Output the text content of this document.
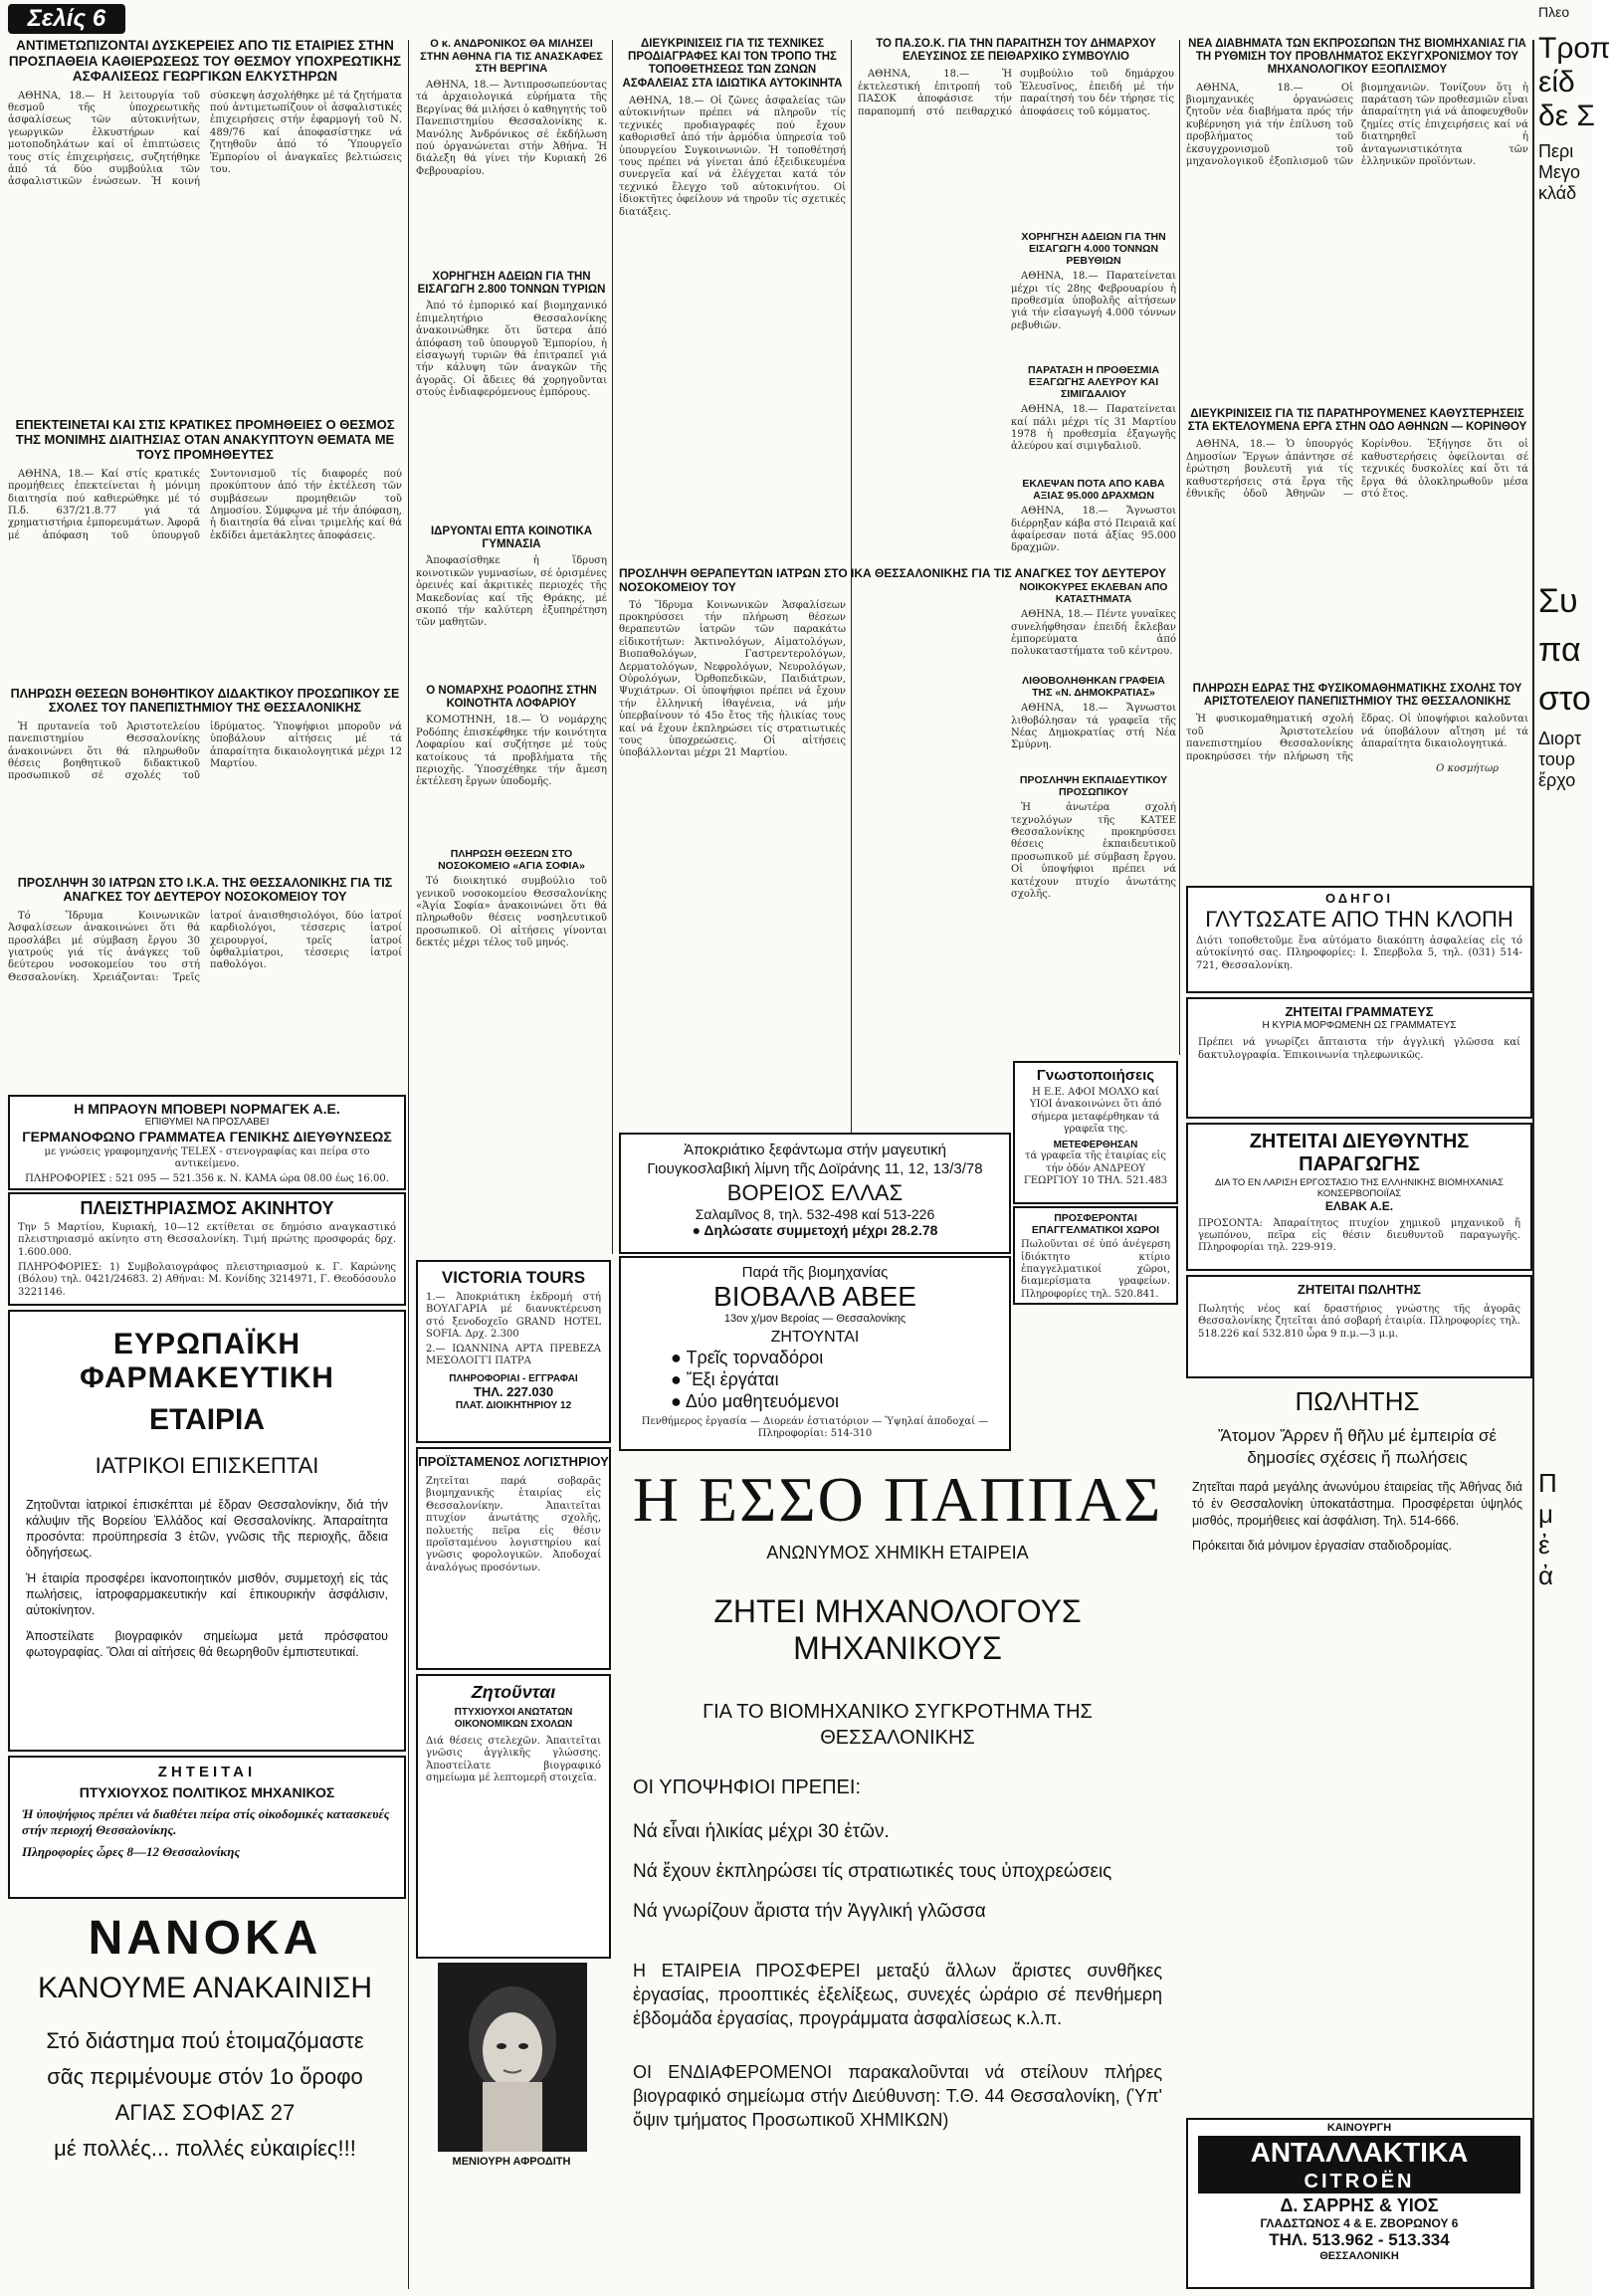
Σελίς 6
ΑΝΤΙΜΕΤΩΠΙΖΟΝΤΑΙ ΔΥΣΚΕΡΕΙΕΣ ΑΠΟ ΤΙΣ ΕΤΑΙΡΙΕΣ ΣΤΗΝ ΠΡΟΣΠΑΘΕΙΑ ΚΑΘΙΕΡΩΣΕΩΣ ΤΟΥ ΘΕΣΜΟΥ ΥΠΟΧΡΕΩΤΙΚΗΣ ΑΣΦΑΛΙΣΕΩΣ ΓΕΩΡΓΙΚΩΝ ΕΛΚΥΣΤΗΡΩΝ

ΑΘΗΝΑ, 18.— Η λειτουργία τοῦ θεσμοῦ τῆς ὑποχρεωτικῆς ἀσφαλίσεως τῶν αὐτοκινήτων, γεωργικῶν ἐλκυστήρων καί μοτοποδηλάτων καί οἱ ἐπιπτώσεις τους στίς ἐπιχειρήσεις, συζητήθηκε ἀπό τά δύο συμβούλια τῶν ἀσφαλιστικῶν ἑνώσεων. Ἡ κοινή σύσκεψη ἀσχολήθηκε μέ τά ζητήματα πού ἀντιμετωπίζουν οἱ ἀσφαλιστικές ἐπιχειρήσεις στήν ἐφαρμογή τοῦ Ν. 489/76 καί ἀποφασίστηκε νά ζητηθοῦν ἀπό τό Ὑπουργεῖο Ἐμπορίου οἱ ἀναγκαῖες βελτιώσεις του.

ΕΠΕΚΤΕΙΝΕΤΑΙ ΚΑΙ ΣΤΙΣ ΚΡΑΤΙΚΕΣ ΠΡΟΜΗΘΕΙΕΣ Ο ΘΕΣΜΟΣ ΤΗΣ ΜΟΝΙΜΗΣ ΔΙΑΙΤΗΣΙΑΣ ΟΤΑΝ ΑΝΑΚΥΠΤΟΥΝ ΘΕΜΑΤΑ ΜΕ ΤΟΥΣ ΠΡΟΜΗΘΕΥΤΕΣ

ΑΘΗΝΑ, 18.— Καί στίς κρατικές προμήθειες ἐπεκτείνεται ἡ μόνιμη διαιτησία πού καθιερώθηκε μέ τό Π.δ. 637/21.8.77 γιά τά χρηματιστήρια ἐμπορευμάτων. Ἀφορᾶ μέ ἀπόφαση τοῦ ὑπουργοῦ Συντονισμοῦ τίς διαφορές πού προκύπτουν ἀπό τήν ἐκτέλεση τῶν συμβάσεων προμηθειῶν τοῦ Δημοσίου. Σύμφωνα μέ τήν ἀπόφαση, ἡ διαιτησία θά εἶναι τριμελής καί θά ἐκδίδει ἀμετάκλητες ἀποφάσεις.

ΠΛΗΡΩΣΗ ΘΕΣΕΩΝ ΒΟΗΘΗΤΙΚΟΥ ΔΙΔΑΚΤΙΚΟΥ ΠΡΟΣΩΠΙΚΟΥ ΣΕ ΣΧΟΛΕΣ ΤΟΥ ΠΑΝΕΠΙΣΤΗΜΙΟΥ ΤΗΣ ΘΕΣΣΑΛΟΝΙΚΗΣ

Ἡ πρυτανεία τοῦ Ἀριστοτελείου πανεπιστημίου Θεσσαλονίκης ἀνακοινώνει ὅτι θά πληρωθοῦν θέσεις βοηθητικοῦ διδακτικοῦ προσωπικοῦ σέ σχολές τοῦ ἱδρύματος. Ὑποψήφιοι μποροῦν νά ὑποβάλουν αἰτήσεις μέ τά ἀπαραίτητα δικαιολογητικά μέχρι 12 Μαρτίου.

ΠΡΟΣΛΗΨΗ 30 ΙΑΤΡΩΝ ΣΤΟ Ι.Κ.Α. ΤΗΣ ΘΕΣΣΑΛΟΝΙΚΗΣ ΓΙΑ ΤΙΣ ΑΝΑΓΚΕΣ ΤΟΥ ΔΕΥΤΕΡΟΥ ΝΟΣΟΚΟΜΕΙΟΥ ΤΟΥ

Τό Ἵδρυμα Κοινωνικῶν Ἀσφαλίσεων ἀνακοινώνει ὅτι θά προσλάβει μέ σύμβαση ἔργου 30 γιατρούς γιά τίς ἀνάγκες τοῦ δεύτερου νοσοκομείου του στή Θεσσαλονίκη. Χρειάζονται: Τρεῖς ἰατροί ἀναισθησιολόγοι, δύο ἰατροί καρδιολόγοι, τέσσερις ἰατροί χειρουργοί, τρεῖς ἰατροί ὀφθαλμίατροι, τέσσερις ἰατροί παθολόγοι.

Η ΜΠΡΑΟΥΝ ΜΠΟΒΕΡΙ ΝΟΡΜΑΓΕΚ Α.Ε.
ΕΠΙΘΥΜΕΙ ΝΑ ΠΡΟΣΛΑΒΕΙ
ΓΕΡΜΑΝΟΦΩΝΟ ΓΡΑΜΜΑΤΕΑ ΓΕΝΙΚΗΣ ΔΙΕΥΘΥΝΣΕΩΣ
με γνώσεις γραφομηχανής TELEX - στενογραφίας και πείρα στο αντικείμενο.
ΠΛΗΡΟΦΟΡΙΕΣ : 521 095 — 521.356 κ. Ν. ΚΑΜΑ ώρα 08.00 έως 16.00.
ΠΛΕΙΣΤΗΡΙΑΣΜΟΣ ΑΚΙΝΗΤΟΥ
Την 5 Μαρτίου, Κυριακή, 10—12 εκτίθεται σε δημόσιο αναγκαστικό πλειστηριασμό ακίνητο στη Θεσσαλονίκη. Τιμή πρώτης προσφοράς δρχ. 1.600.000.
ΠΛΗΡΟΦΟΡΙΕΣ: 1) Συμβολαιογράφος πλειστηριασμού κ. Γ. Καρώνης (Βόλου) τηλ. 0421/24683. 2) Αθήναι: Μ. Κονίδης 3214971, Γ. Θεοδόσουλο 3221146.
ΕΥΡΩΠΑΪΚΗ ΦΑΡΜΑΚΕΥΤΙΚΗ
ΕΤΑΙΡΙΑ
ΙΑΤΡΙΚΟΙ ΕΠΙΣΚΕΠΤΑΙ

Ζητοῦνται ἰατρικοί ἐπισκέπται μέ ἕδραν Θεσσαλονίκην, διά τήν κάλυψιν τῆς Βορείου Ἑλλάδος καί Θεσσαλονίκης. Ἀπαραίτητα προσόντα: προϋπηρεσία 3 ἐτῶν, γνῶσις τῆς περιοχῆς, ἄδεια ὁδηγήσεως.

Ἡ ἑταιρία προσφέρει ἱκανοποιητικόν μισθόν, συμμετοχή εἰς τάς πωλήσεις, ἰατροφαρμακευτικήν καί ἐπικουρικήν ἀσφάλισιν, αὐτοκίνητον.

Ἀποστείλατε βιογραφικόν σημείωμα μετά πρόσφατου φωτογραφίας. Ὅλαι αἱ αἰτήσεις θά θεωρηθοῦν ἐμπιστευτικαί.

ΖΗΤΕΙΤΑΙ
ΠΤΥΧΙΟΥΧΟΣ ΠΟΛΙΤΙΚΟΣ ΜΗΧΑΝΙΚΟΣ
Ἡ ὑποψήφιος πρέπει νά διαθέτει πείρα στίς οἰκοδομικές κατασκευές στήν περιοχή Θεσσαλονίκης.
Πληροφορίες ὧρες 8—12 Θεσσαλονίκης
ΝΑΝΟΚΑ
ΚΑΝΟΥΜΕ ΑΝΑΚΑΙΝΙΣΗ
Στό διάστημα πού ἑτοιμαζόμαστε
σᾶς περιμένουμε στόν 1ο ὄροφο
ΑΓΙΑΣ ΣΟΦΙΑΣ 27
μέ πολλές... πολλές εὐκαιρίες!!!
Ο κ. ΑΝΔΡΟΝΙΚΟΣ ΘΑ ΜΙΛΗΣΕΙ ΣΤΗΝ ΑΘΗΝΑ ΓΙΑ ΤΙΣ ΑΝΑΣΚΑΦΕΣ ΣΤΗ ΒΕΡΓΙΝΑ

ΑΘΗΝΑ, 18.— Ἀντιπροσωπεύοντας τά ἀρχαιολογικά εὑρήματα τῆς Βεργίνας θά μιλήσει ὁ καθηγητής τοῦ Πανεπιστημίου Θεσσαλονίκης κ. Μανόλης Ἀνδρόνικος σέ ἐκδήλωση πού ὀργανώνεται στήν Ἀθήνα. Ἡ διάλεξη θά γίνει τήν Κυριακή 26 Φεβρουαρίου.

ΧΟΡΗΓΗΣΗ ΑΔΕΙΩΝ ΓΙΑ ΤΗΝ ΕΙΣΑΓΩΓΗ 2.800 ΤΟΝΝΩΝ ΤΥΡΙΩΝ

Ἀπό τό ἐμπορικό καί βιομηχανικό ἐπιμελητήριο Θεσσαλονίκης ἀνακοινώθηκε ὅτι ὕστερα ἀπό ἀπόφαση τοῦ ὑπουργοῦ Ἐμπορίου, ἡ εἰσαγωγή τυριῶν θά ἐπιτραπεῖ γιά τήν κάλυψη τῶν ἀναγκῶν τῆς ἀγορᾶς. Οἱ ἄδειες θά χορηγοῦνται στούς ἐνδιαφερόμενους ἐμπόρους.

ΙΔΡΥΟΝΤΑΙ ΕΠΤΑ ΚΟΙΝΟΤΙΚΑ ΓΥΜΝΑΣΙΑ

Ἀποφασίσθηκε ἡ ἵδρυση κοινοτικῶν γυμνασίων, σέ ὁρισμένες ὀρεινές καί ἀκριτικές περιοχές τῆς Μακεδονίας καί τῆς Θράκης, μέ σκοπό τήν καλύτερη ἐξυπηρέτηση τῶν μαθητῶν.

Ο ΝΟΜΑΡΧΗΣ ΡΟΔΟΠΗΣ ΣΤΗΝ ΚΟΙΝΟΤΗΤΑ ΛΟΦΑΡΙΟΥ

ΚΟΜΟΤΗΝΗ, 18.— Ὁ νομάρχης Ροδόπης ἐπισκέφθηκε τήν κοινότητα Λοφαρίου καί συζήτησε μέ τούς κατοίκους τά προβλήματα τῆς περιοχῆς. Ὑποσχέθηκε τήν ἄμεση ἐκτέλεση ἔργων ὑποδομῆς.

ΠΛΗΡΩΣΗ ΘΕΣΕΩΝ ΣΤΟ ΝΟΣΟΚΟΜΕΙΟ «ΑΓΙΑ ΣΟΦΙΑ»

Τό διοικητικό συμβούλιο τοῦ γενικοῦ νοσοκομείου Θεσσαλονίκης «Ἁγία Σοφία» ἀνακοινώνει ὅτι θά πληρωθοῦν θέσεις νοσηλευτικοῦ προσωπικοῦ. Οἱ αἰτήσεις γίνονται δεκτές μέχρι τέλος τοῦ μηνός.

VICTORIA TOURS
1.— Ἀποκριάτικη ἐκδρομή στή ΒΟΥΛΓΑΡΙΑ μέ διανυκτέρευση στό ξενοδοχεῖο GRAND HOTEL SOFIA. Δρχ. 2.300
2.— ΙΩΑΝΝΙΝΑ ΑΡΤΑ ΠΡΕΒΕΖΑ ΜΕΣΟΛΟΓΓΙ ΠΑΤΡΑ
ΠΛΗΡΟΦΟΡΙΑΙ - ΕΓΓΡΑΦΑΙ
ΤΗΛ. 227.030
ΠΛΑΤ. ΔΙΟΙΚΗΤΗΡΙΟΥ 12
ΠΡΟΪΣΤΑΜΕΝΟΣ ΛΟΓΙΣΤΗΡΙΟΥ
Ζητεῖται παρά σοβαρᾶς βιομηχανικῆς ἑταιρίας εἰς Θεσσαλονίκην. Ἀπαιτεῖται πτυχίον ἀνωτάτης σχολῆς, πολυετής πεῖρα εἰς θέσιν προϊσταμένου λογιστηρίου καί γνῶσις φορολογικῶν. Ἀποδοχαί ἀναλόγως προσόντων.
Ζητοῦνται
ΠΤΥΧΙΟΥΧΟΙ ΑΝΩΤΑΤΩΝ ΟΙΚΟΝΟΜΙΚΩΝ ΣΧΟΛΩΝ
Διά θέσεις στελεχῶν. Ἀπαιτεῖται γνῶσις ἀγγλικῆς γλώσσης. Ἀποστείλατε βιογραφικό σημείωμα μέ λεπτομερῆ στοιχεῖα.
ΜΕΝΙΟΥΡΗ ΑΦΡΟΔΙΤΗ
ΔΙΕΥΚΡΙΝΙΣΕΙΣ ΓΙΑ ΤΙΣ ΤΕΧΝΙΚΕΣ ΠΡΟΔΙΑΓΡΑΦΕΣ ΚΑΙ ΤΟΝ ΤΡΟΠΟ ΤΗΣ ΤΟΠΟΘΕΤΗΣΕΩΣ ΤΩΝ ΖΩΝΩΝ ΑΣΦΑΛΕΙΑΣ ΣΤΑ ΙΔΙΩΤΙΚΑ ΑΥΤΟΚΙΝΗΤΑ

ΑΘΗΝΑ, 18.— Οἱ ζῶνες ἀσφαλείας τῶν αὐτοκινήτων πρέπει νά πληροῦν τίς τεχνικές προδιαγραφές πού ἔχουν καθορισθεῖ ἀπό τήν ἁρμόδια ὑπηρεσία τοῦ ὑπουργείου Συγκοινωνιῶν. Ἡ τοποθέτησή τους πρέπει νά γίνεται ἀπό ἐξειδικευμένα συνεργεῖα καί νά ἐλέγχεται κατά τόν τεχνικό ἔλεγχο τοῦ αὐτοκινήτου. Οἱ ἰδιοκτῆτες ὀφείλουν νά τηροῦν τίς σχετικές διατάξεις.

ΠΡΟΣΛΗΨΗ ΘΕΡΑΠΕΥΤΩΝ ΙΑΤΡΩΝ ΣΤΟ ΙΚΑ ΘΕΣΣΑΛΟΝΙΚΗΣ ΓΙΑ ΤΙΣ ΑΝΑΓΚΕΣ ΤΟΥ ΔΕΥΤΕΡΟΥ ΝΟΣΟΚΟΜΕΙΟΥ ΤΟΥ

Τό Ἵδρυμα Κοινωνικῶν Ἀσφαλίσεων προκηρύσσει τήν πλήρωση θέσεων θεραπευτῶν ἰατρῶν τῶν παρακάτω εἰδικοτήτων: Ἀκτινολόγων, Αἰματολόγων, Βιοπαθολόγων, Γαστρεντερολόγων, Δερματολόγων, Νεφρολόγων, Νευρολόγων, Οὐρολόγων, Ὀρθοπεδικῶν, Παιδιάτρων, Ψυχιάτρων. Οἱ ὑποψήφιοι πρέπει νά ἔχουν τήν ἑλληνική ἰθαγένεια, νά μήν ὑπερβαίνουν τό 45ο ἔτος τῆς ἡλικίας τους καί νά ἔχουν ἐκπληρώσει τίς στρατιωτικές τους ὑποχρεώσεις. Οἱ αἰτήσεις ὑποβάλλονται μέχρι 21 Μαρτίου.

ΤΟ ΠΑ.ΣΟ.Κ. ΓΙΑ ΤΗΝ ΠΑΡΑΙΤΗΣΗ ΤΟΥ ΔΗΜΑΡΧΟΥ ΕΛΕΥΣΙΝΟΣ ΣΕ ΠΕΙΘΑΡΧΙΚΟ ΣΥΜΒΟΥΛΙΟ

ΑΘΗΝΑ, 18.— Ἡ ἐκτελεστική ἐπιτροπή τοῦ ΠΑΣΟΚ ἀποφάσισε τήν παραπομπή στό πειθαρχικό συμβούλιο τοῦ δημάρχου Ἐλευσῖνος, ἐπειδή μέ τήν παραίτησή του δέν τήρησε τίς ἀποφάσεις τοῦ κόμματος.

ΧΟΡΗΓΗΣΗ ΑΔΕΙΩΝ ΓΙΑ ΤΗΝ ΕΙΣΑΓΩΓΗ 4.000 ΤΟΝΝΩΝ ΡΕΒΥΘΙΩΝ

ΑΘΗΝΑ, 18.— Παρατείνεται μέχρι τίς 28ης Φεβρουαρίου ἡ προθεσμία ὑποβολῆς αἰτήσεων γιά τήν εἰσαγωγή 4.000 τόννων ρεβυθιῶν.

ΠΑΡΑΤΑΣΗ Η ΠΡΟΘΕΣΜΙΑ ΕΞΑΓΩΓΗΣ ΑΛΕΥΡΟΥ ΚΑΙ ΣΙΜΙΓΔΑΛΙΟΥ

ΑΘΗΝΑ, 18.— Παρατείνεται καί πάλι μέχρι τίς 31 Μαρτίου 1978 ἡ προθεσμία ἐξαγωγῆς ἀλεύρου καί σιμιγδαλιοῦ.

ΕΚΛΕΨΑΝ ΠΟΤΑ ΑΠΟ ΚΑΒΑ ΑΞΙΑΣ 95.000 ΔΡΑΧΜΩΝ

ΑΘΗΝΑ, 18.— Ἄγνωστοι διέρρηξαν κάβα στό Πειραιᾶ καί ἀφαίρεσαν ποτά ἀξίας 95.000 δραχμῶν.

ΝΟΙΚΟΚΥΡΕΣ ΕΚΛΕΒΑΝ ΑΠΟ ΚΑΤΑΣΤΗΜΑΤΑ

ΑΘΗΝΑ, 18.— Πέντε γυναῖκες συνελήφθησαν ἐπειδή ἔκλεβαν ἐμπορεύματα ἀπό πολυκαταστήματα τοῦ κέντρου.

ΛΙΘΟΒΟΛΗΘΗΚΑΝ ΓΡΑΦΕΙΑ ΤΗΣ «Ν. ΔΗΜΟΚΡΑΤΙΑΣ»

ΑΘΗΝΑ, 18.— Ἄγνωστοι λιθοβόλησαν τά γραφεῖα τῆς Νέας Δημοκρατίας στή Νέα Σμύρνη.

ΠΡΟΣΛΗΨΗ ΕΚΠΑΙΔΕΥΤΙΚΟΥ ΠΡΟΣΩΠΙΚΟΥ

Ἡ ἀνωτέρα σχολή τεχνολόγων τῆς ΚΑΤΕΕ Θεσσαλονίκης προκηρύσσει θέσεις ἐκπαιδευτικοῦ προσωπικοῦ μέ σύμβαση ἔργου. Οἱ ὑποψήφιοι πρέπει νά κατέχουν πτυχίο ἀνωτάτης σχολῆς.

Ἀποκριάτικο ξεφάντωμα στήν μαγευτική Γιουγκοσλαβική λίμνη τῆς Δοϊράνης 11, 12, 13/3/78
ΒΟΡΕΙΟΣ ΕΛΛΑΣ
Σαλαμῖνος 8, τηλ. 532-498 καί 513-226
● Δηλώσατε συμμετοχή μέχρι 28.2.78
Γνωστοποιήσεις
Η Ε.Ε. ΑΦΟΙ ΜΟΛΧΟ καί ΥΙΟΙ ἀνακοινώνει ὅτι ἀπό σήμερα μεταφέρθηκαν τά γραφεῖα της.
ΜΕΤΕΦΕΡΘΗΣΑΝ
τά γραφεῖα τῆς ἑταιρίας εἰς τήν ὁδόν ΑΝΔΡΕΟΥ ΓΕΩΡΓΙΟΥ 10 ΤΗΛ. 521.483
ΠΡΟΣΦΕΡΟΝΤΑΙ ΕΠΑΓΓΕΛΜΑΤΙΚΟΙ ΧΩΡΟΙ
Πωλοῦνται σέ ὑπό ἀνέγερση ἰδιόκτητο κτίριο ἐπαγγελματικοί χῶροι, διαμερίσματα γραφείων. Πληροφορίες τηλ. 520.841.
Παρά τῆς βιομηχανίας
ΒΙΟΒΑΛΒ ΑΒΕΕ
13ον χ/μον Βεροίας — Θεσσαλονίκης
ΖΗΤΟΥΝΤΑΙ
● Τρεῖς τορναδόροι
● Ἔξι ἐργάται
● Δύο μαθητευόμενοι
Πενθήμερος ἐργασία — Διορεάν ἐστιατόριον — Ὑψηλαί ἀποδοχαί — Πληροφορίαι: 514-310
Η ΕΣΣΟ ΠΑΠΠΑΣ
ΑΝΩΝΥΜΟΣ ΧΗΜΙΚΗ ΕΤΑΙΡΕΙΑ
ΖΗΤΕΙ ΜΗΧΑΝΟΛΟΓΟΥΣ ΜΗΧΑΝΙΚΟΥΣ
ΓΙΑ ΤΟ ΒΙΟΜΗΧΑΝΙΚΟ ΣΥΓΚΡΟΤΗΜΑ ΤΗΣ ΘΕΣΣΑΛΟΝΙΚΗΣ
ΟΙ ΥΠΟΨΗΦΙΟΙ ΠΡΕΠΕΙ:
Νά εἶναι ἡλικίας μέχρι 30 ἐτῶν.
Νά ἔχουν ἐκπληρώσει τίς στρατιωτικές τους ὑποχρεώσεις
Νά γνωρίζουν ἄριστα τήν Ἀγγλική γλῶσσα
Η ΕΤΑΙΡΕΙΑ ΠΡΟΣΦΕΡΕΙ μεταξύ ἄλλων ἄριστες συνθῆκες ἐργασίας, προοπτικές ἐξελίξεως, συνεχές ὡράριο σέ πενθήμερη ἑβδομάδα ἐργασίας, προγράμματα ἀσφαλίσεως κ.λ.π.
ΟΙ ΕΝΔΙΑΦΕΡΟΜΕΝΟΙ παρακαλοῦνται νά στείλουν πλήρες βιογραφικό σημείωμα στήν Διεύθυνση: Τ.Θ. 44 Θεσσαλονίκη, (Ὑπ' ὄψιν τμήματος Προσωπικοῦ ΧΗΜΙΚΩΝ)
ΝΕΑ ΔΙΑΒΗΜΑΤΑ ΤΩΝ ΕΚΠΡΟΣΩΠΩΝ ΤΗΣ ΒΙΟΜΗΧΑΝΙΑΣ ΓΙΑ ΤΗ ΡΥΘΜΙΣΗ ΤΟΥ ΠΡΟΒΛΗΜΑΤΟΣ ΕΚΣΥΓΧΡΟΝΙΣΜΟΥ ΤΟΥ ΜΗΧΑΝΟΛΟΓΙΚΟΥ ΕΞΟΠΛΙΣΜΟΥ

ΑΘΗΝΑ, 18.— Οἱ βιομηχανικές ὀργανώσεις ζητοῦν νέα διαβήματα πρός τήν κυβέρνηση γιά τήν ἐπίλυση τοῦ προβλήματος τοῦ ἐκσυγχρονισμοῦ τοῦ μηχανολογικοῦ ἐξοπλισμοῦ τῶν βιομηχανιῶν. Τονίζουν ὅτι ἡ παράταση τῶν προθεσμιῶν εἶναι ἀπαραίτητη γιά νά ἀποφευχθοῦν ζημίες στίς ἐπιχειρήσεις καί νά διατηρηθεῖ ἡ ἀνταγωνιστικότητα τῶν ἑλληνικῶν προϊόντων.

ΔΙΕΥΚΡΙΝΙΣΕΙΣ ΓΙΑ ΤΙΣ ΠΑΡΑΤΗΡΟΥΜΕΝΕΣ ΚΑΘΥΣΤΕΡΗΣΕΙΣ ΣΤΑ ΕΚΤΕΛΟΥΜΕΝΑ ΕΡΓΑ ΣΤΗΝ ΟΔΟ ΑΘΗΝΩΝ — ΚΟΡΙΝΘΟΥ

ΑΘΗΝΑ, 18.— Ὁ ὑπουργός Δημοσίων Ἔργων ἀπάντησε σέ ἐρώτηση βουλευτῆ γιά τίς καθυστερήσεις στά ἔργα τῆς ἐθνικῆς ὁδοῦ Ἀθηνῶν — Κορίνθου. Ἐξήγησε ὅτι οἱ καθυστερήσεις ὀφείλονται σέ τεχνικές δυσκολίες καί ὅτι τά ἔργα θά ὁλοκληρωθοῦν μέσα στό ἔτος.

ΠΛΗΡΩΣΗ ΕΔΡΑΣ ΤΗΣ ΦΥΣΙΚΟΜΑΘΗΜΑΤΙΚΗΣ ΣΧΟΛΗΣ ΤΟΥ ΑΡΙΣΤΟΤΕΛΕΙΟΥ ΠΑΝΕΠΙΣΤΗΜΙΟΥ ΤΗΣ ΘΕΣΣΑΛΟΝΙΚΗΣ

Ἡ φυσικομαθηματική σχολή τοῦ Ἀριστοτελείου πανεπιστημίου Θεσσαλονίκης προκηρύσσει τήν πλήρωση τῆς ἕδρας. Οἱ ὑποψήφιοι καλοῦνται νά ὑποβάλουν αἴτηση μέ τά ἀπαραίτητα δικαιολογητικά.

Ο κοσμήτωρ
ΟΔΗΓΟΙ
ΓΛΥΤΩΣΑΤΕ ΑΠΟ ΤΗΝ ΚΛΟΠΗ
Διότι τοποθετοῦμε ἕνα αὐτόματο διακόπτη ἀσφαλείας εἰς τό αὐτοκίνητό σας. Πληροφορίες: Ι. Σπερβολα 5, τηλ. (031) 514-721, Θεσσαλονίκη.
ΖΗΤΕΙΤΑΙ ΓΡΑΜΜΑΤΕΥΣ
Η ΚΥΡΙΑ ΜΟΡΦΩΜΕΝΗ ΩΣ ΓΡΑΜΜΑΤΕΥΣ
Πρέπει νά γνωρίζει ἄπταιστα τήν ἀγγλική γλῶσσα καί δακτυλογραφία. Ἐπικοινωνία τηλεφωνικῶς.
ΖΗΤΕΙΤΑΙ ΔΙΕΥΘΥΝΤΗΣ ΠΑΡΑΓΩΓΗΣ
ΔΙΑ ΤΟ ΕΝ ΛΑΡΙΣΗ ΕΡΓΟΣΤΑΣΙΟ ΤΗΣ ΕΛΛΗΝΙΚΗΣ ΒΙΟΜΗΧΑΝΙΑΣ ΚΟΝΣΕΡΒΟΠΟΙΪΑΣ
ΕΛΒΑΚ Α.Ε.
ΠΡΟΣΟΝΤΑ: Ἀπαραίτητος πτυχίον χημικοῦ μηχανικοῦ ἤ γεωπόνου, πεῖρα εἰς θέσιν διευθυντοῦ παραγωγῆς. Πληροφορίαι τηλ. 229-919.
ΖΗΤΕΙΤΑΙ ΠΩΛΗΤΗΣ
Πωλητής νέος καί δραστήριος γνώστης τῆς ἀγορᾶς Θεσσαλονίκης ζητεῖται ἀπό σοβαρή ἑταιρία. Πληροφορίες τηλ. 518.226 καί 532.810 ὧρα 9 π.μ.—3 μ.μ.
ΠΩΛΗΤΗΣ
Ἄτομον Ἄρρεν ἤ θῆλυ μέ ἐμπειρία σέ δημοσίες σχέσεις ἤ πωλήσεις
Ζητεῖται παρά μεγάλης ἀνωνύμου ἑταιρείας τῆς Ἀθήνας διά τό ἐν Θεσσαλονίκη ὑποκατάστημα. Προσφέρεται ὑψηλός μισθός, προμήθειες καί ἀσφάλιση. Τηλ. 514-666.
Πρόκειται διά μόνιμον ἐργασίαν σταδιοδρομίας.
ΚΑΙΝΟΥΡΓΗ
ΑΝΤΑΛΛΑΚΤΙΚΑ
CITROËN
Δ. ΣΑΡΡΗΣ & ΥΙΟΣ
ΓΛΑΔΣΤΩΝΟΣ 4 & Ε. ΖΒΟΡΩΝΟΥ 6
ΤΗΛ. 513.962 - 513.334
ΘΕΣΣΑΛΟΝΙΚΗ
Πλεο
Τροπ
είδ
δε Σ
Περι
Μεγο
κλάδ
Συ
πα
στο
Διορτ
τουρ
ἔρχο
Π
μ
ἐ
ἀ
